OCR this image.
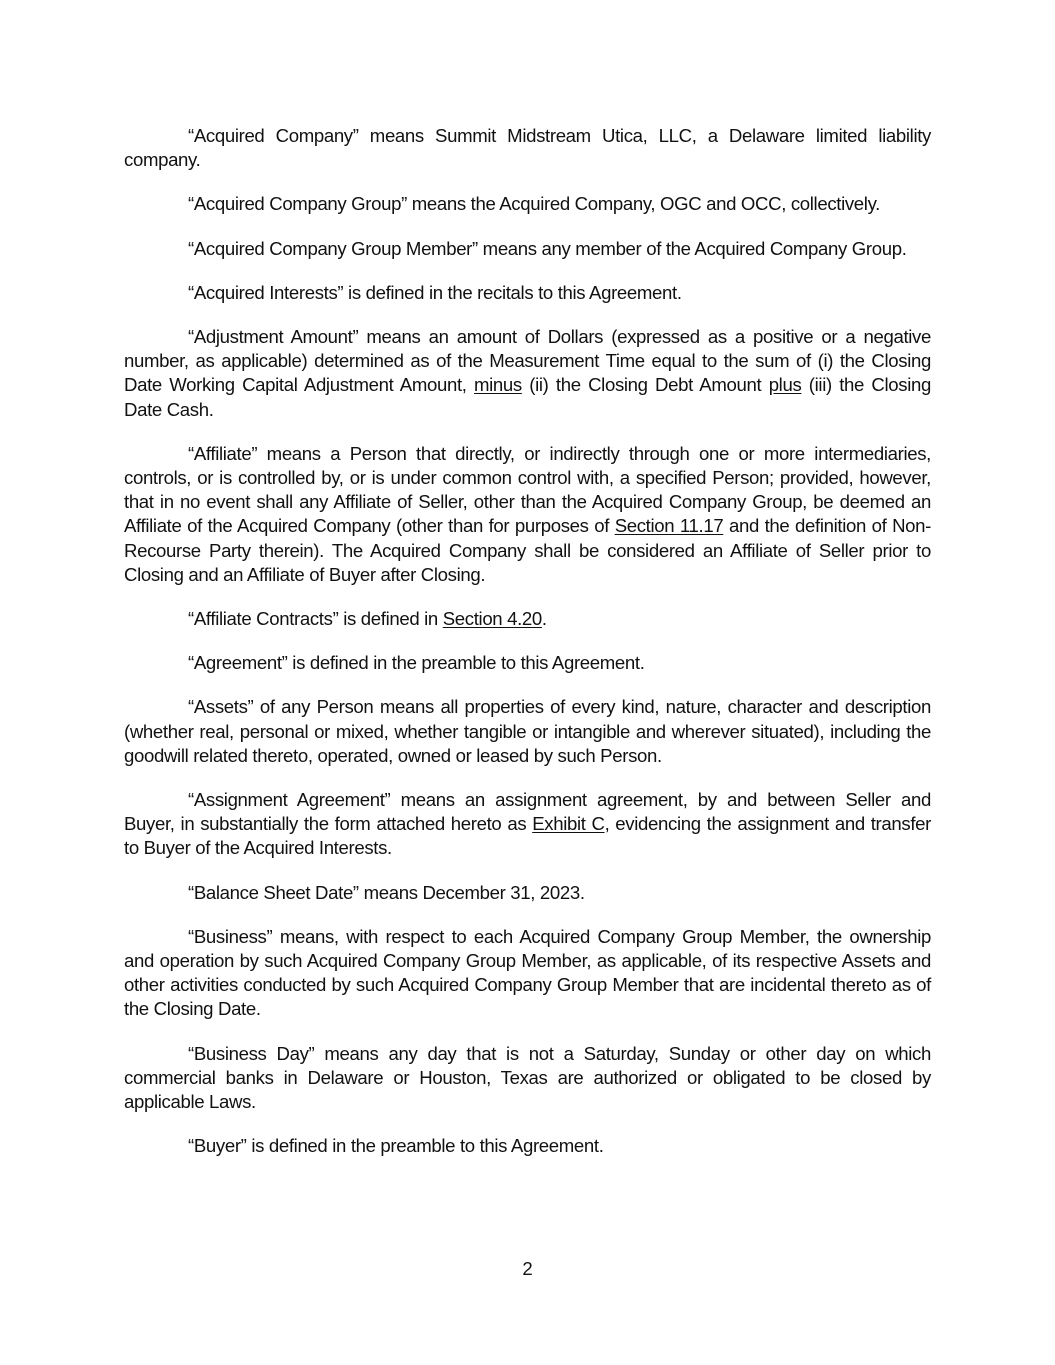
“Acquired Company” means Summit Midstream Utica, LLC, a Delaware limited liability company.

“Acquired Company Group” means the Acquired Company, OGC and OCC, collectively.

“Acquired Company Group Member” means any member of the Acquired Company Group.

“Acquired Interests” is defined in the recitals to this Agreement.

“Adjustment Amount” means an amount of Dollars (expressed as a positive or a negative number, as applicable) determined as of the Measurement Time equal to the sum of (i) the Closing Date Working Capital Adjustment Amount, minus (ii) the Closing Debt Amount plus (iii) the Closing Date Cash.

“Affiliate” means a Person that directly, or indirectly through one or more intermediaries, controls, or is controlled by, or is under common control with, a specified Person; provided, however, that in no event shall any Affiliate of Seller, other than the Acquired Company Group, be deemed an Affiliate of the Acquired Company (other than for purposes of Section 11.17 and the definition of Non-Recourse Party therein). The Acquired Company shall be considered an Affiliate of Seller prior to Closing and an Affiliate of Buyer after Closing.

“Affiliate Contracts” is defined in Section 4.20.

“Agreement” is defined in the preamble to this Agreement.

“Assets” of any Person means all properties of every kind, nature, character and description (whether real, personal or mixed, whether tangible or intangible and wherever situated), including the goodwill related thereto, operated, owned or leased by such Person.

“Assignment Agreement” means an assignment agreement, by and between Seller and Buyer, in substantially the form attached hereto as Exhibit C, evidencing the assignment and transfer to Buyer of the Acquired Interests.

“Balance Sheet Date” means December 31, 2023.

“Business” means, with respect to each Acquired Company Group Member, the ownership and operation by such Acquired Company Group Member, as applicable, of its respective Assets and other activities conducted by such Acquired Company Group Member that are incidental thereto as of the Closing Date.

“Business Day” means any day that is not a Saturday, Sunday or other day on which commercial banks in Delaware or Houston, Texas are authorized or obligated to be closed by applicable Laws.

“Buyer” is defined in the preamble to this Agreement.

2
